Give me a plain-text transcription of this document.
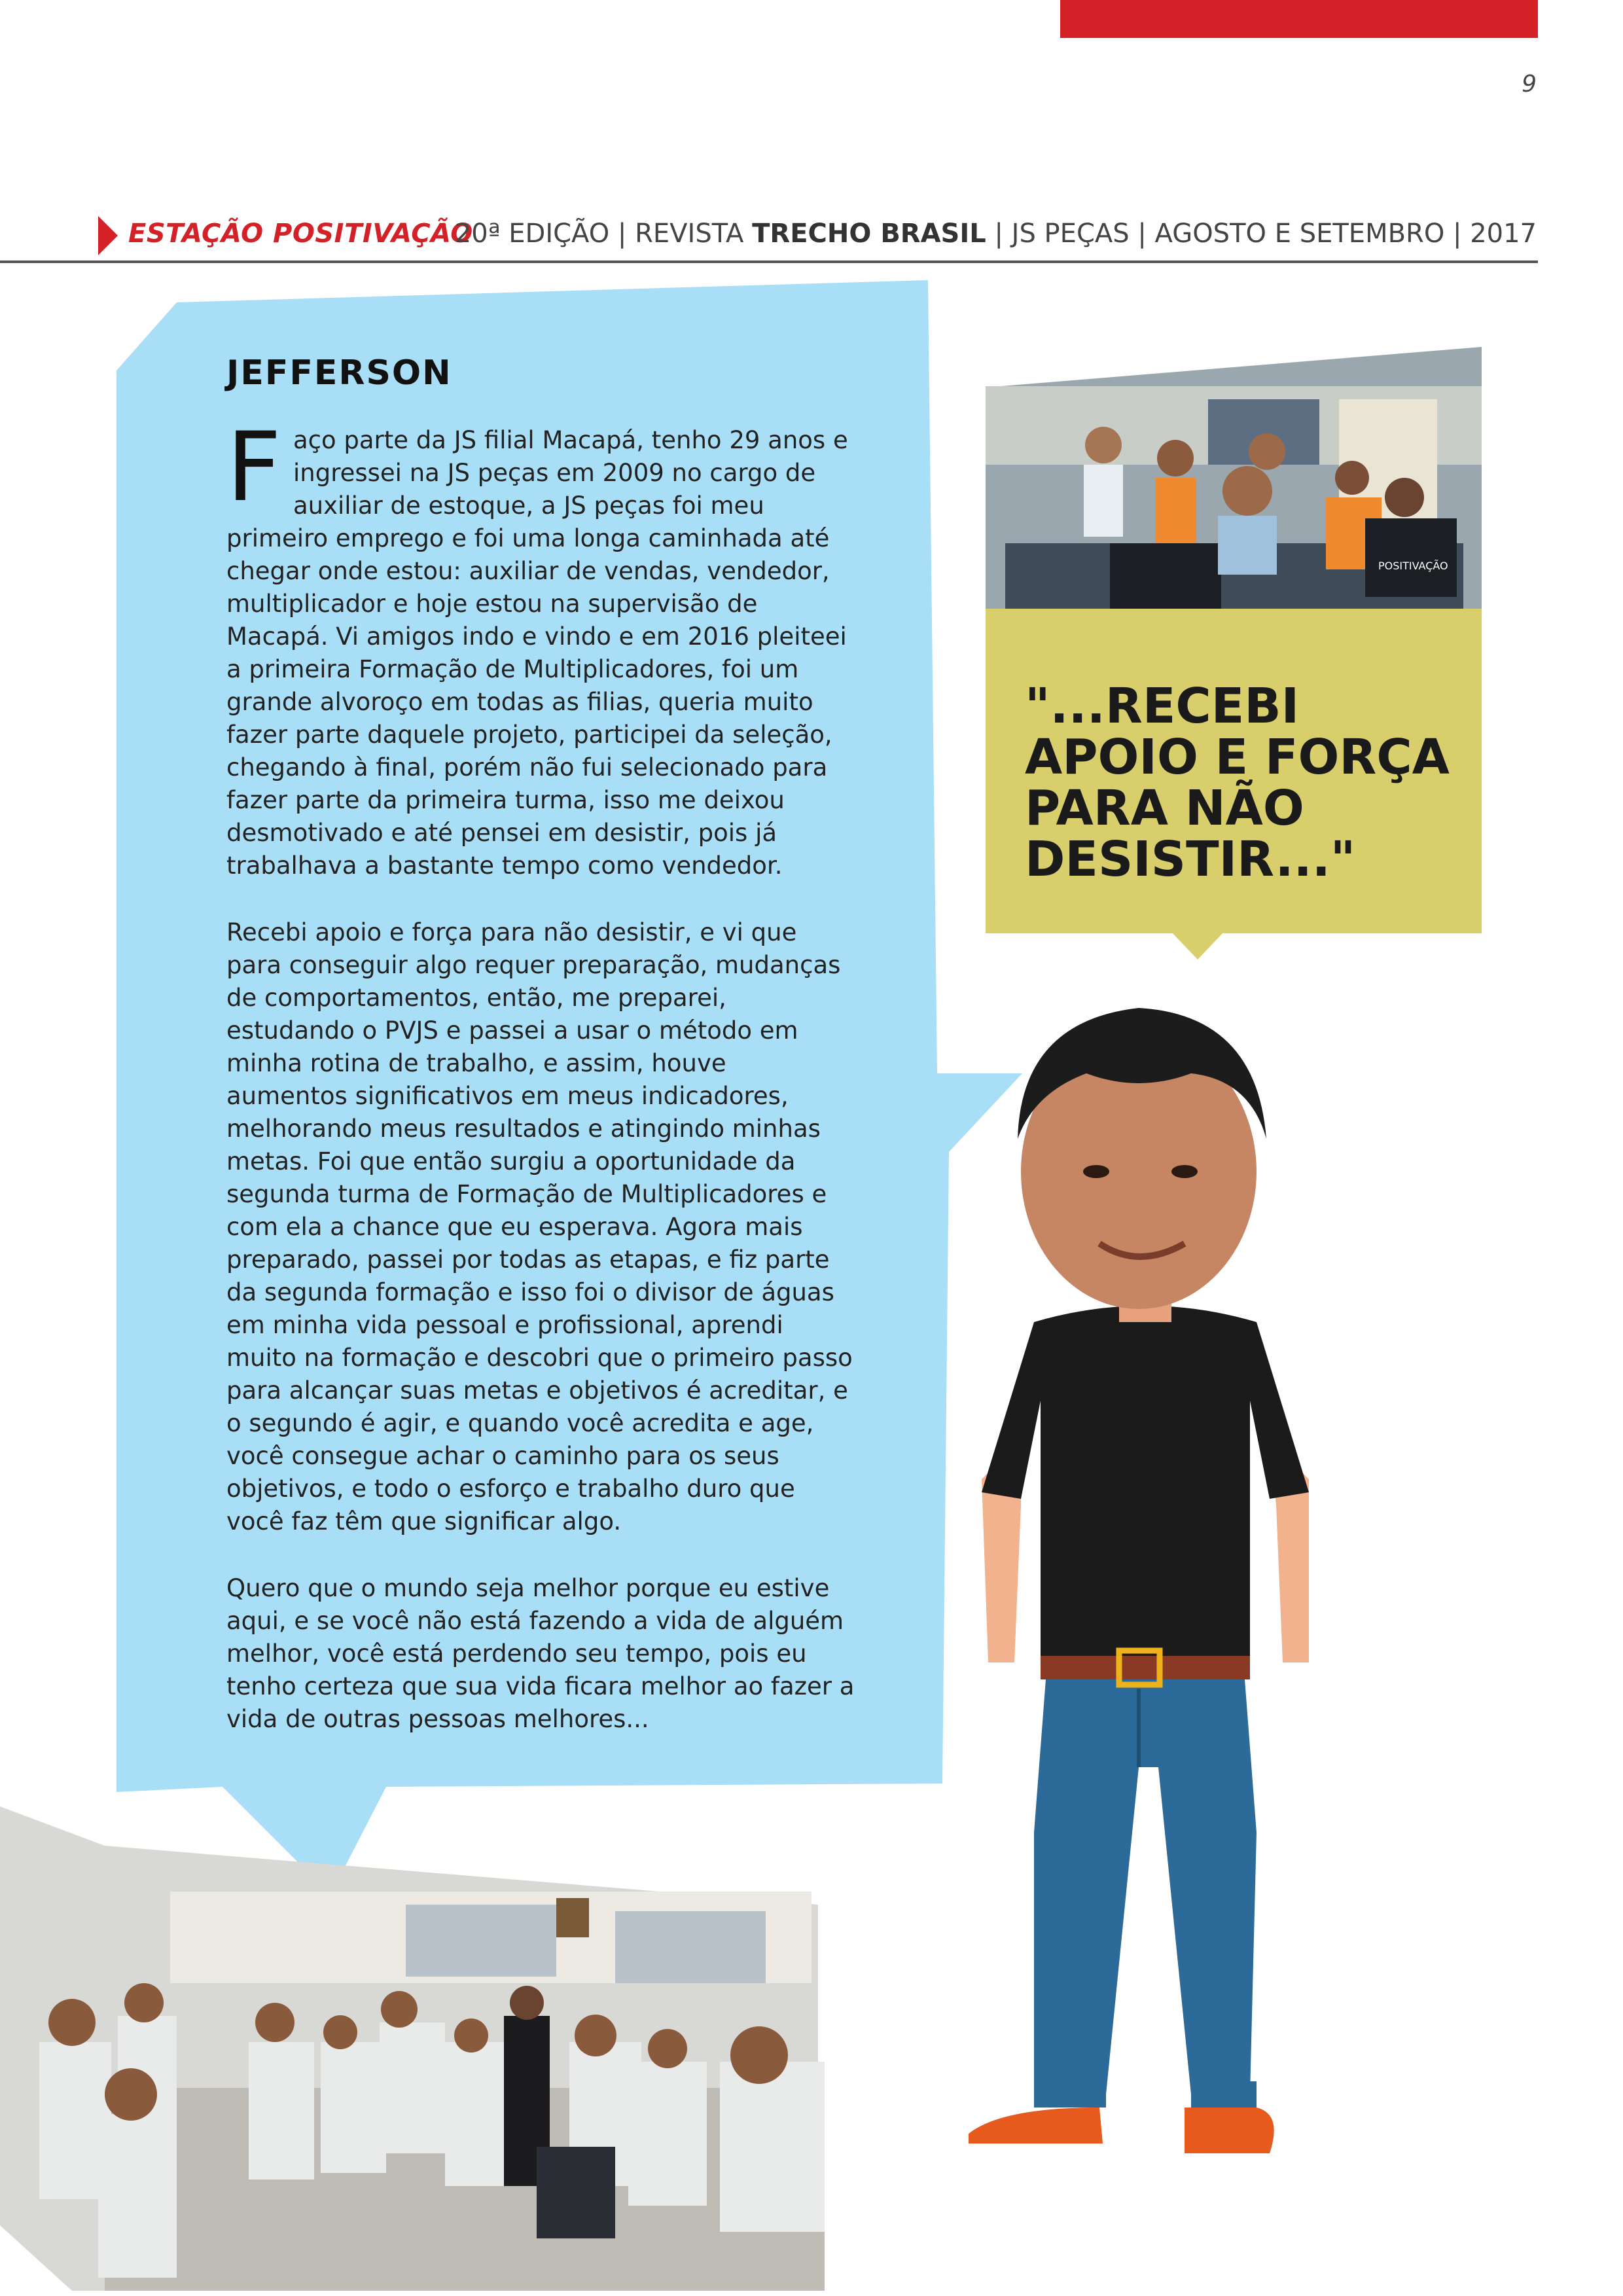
9
ESTAÇÃO POSITIVAÇÃO
20ª EDIÇÃO | REVISTA TRECHO BRASIL | JS PEÇAS | AGOSTO E SETEMBRO | 2017
JEFFERSON

Faço parte da JS filial Macapá, tenho 29 anos e ingressei na JS peças em 2009 no cargo de auxiliar de estoque, a JS peças foi meu primeiro emprego e foi uma longa caminhada até chegar onde estou: auxiliar de vendas, vendedor, multiplicador e hoje estou na supervisão de Macapá. Vi amigos indo e vindo e em 2016 pleiteei a primeira Formação de Multiplicadores, foi um grande alvoroço em todas as filias, queria muito fazer parte daquele projeto, participei da seleção, chegando à final, porém não fui selecionado para fazer parte da primeira turma, isso me deixou desmotivado e até pensei em desistir, pois já trabalhava a bastante tempo como vendedor.

Recebi apoio e força para não desistir, e vi que para conseguir algo requer preparação, mudanças de comportamentos, então, me preparei, estudando o PVJS e passei a usar o método em minha rotina de trabalho, e assim, houve aumentos significativos em meus indicadores, melhorando meus resultados e atingindo minhas metas. Foi que então surgiu a oportunidade da segunda turma de Formação de Multiplicadores e com ela a chance que eu esperava. Agora mais preparado, passei por todas as etapas, e fiz parte da segunda formação e isso foi o divisor de águas em minha vida pessoal e profissional, aprendi muito na formação e descobri que o primeiro passo para alcançar suas metas e objetivos é acreditar, e o segundo é agir, e quando você acredita e age, você consegue achar o caminho para os seus objetivos, e todo o esforço e trabalho duro que você faz têm que significar algo.

Quero que o mundo seja melhor porque eu estive aqui, e se você não está fazendo a vida de alguém melhor, você está perdendo seu tempo, pois eu tenho certeza que sua vida ficara melhor ao fazer a vida de outras pessoas melhores...

POSITIVAÇÃO
"...RECEBI APOIO E FORÇA PARA NÃO DESISTIR..."
